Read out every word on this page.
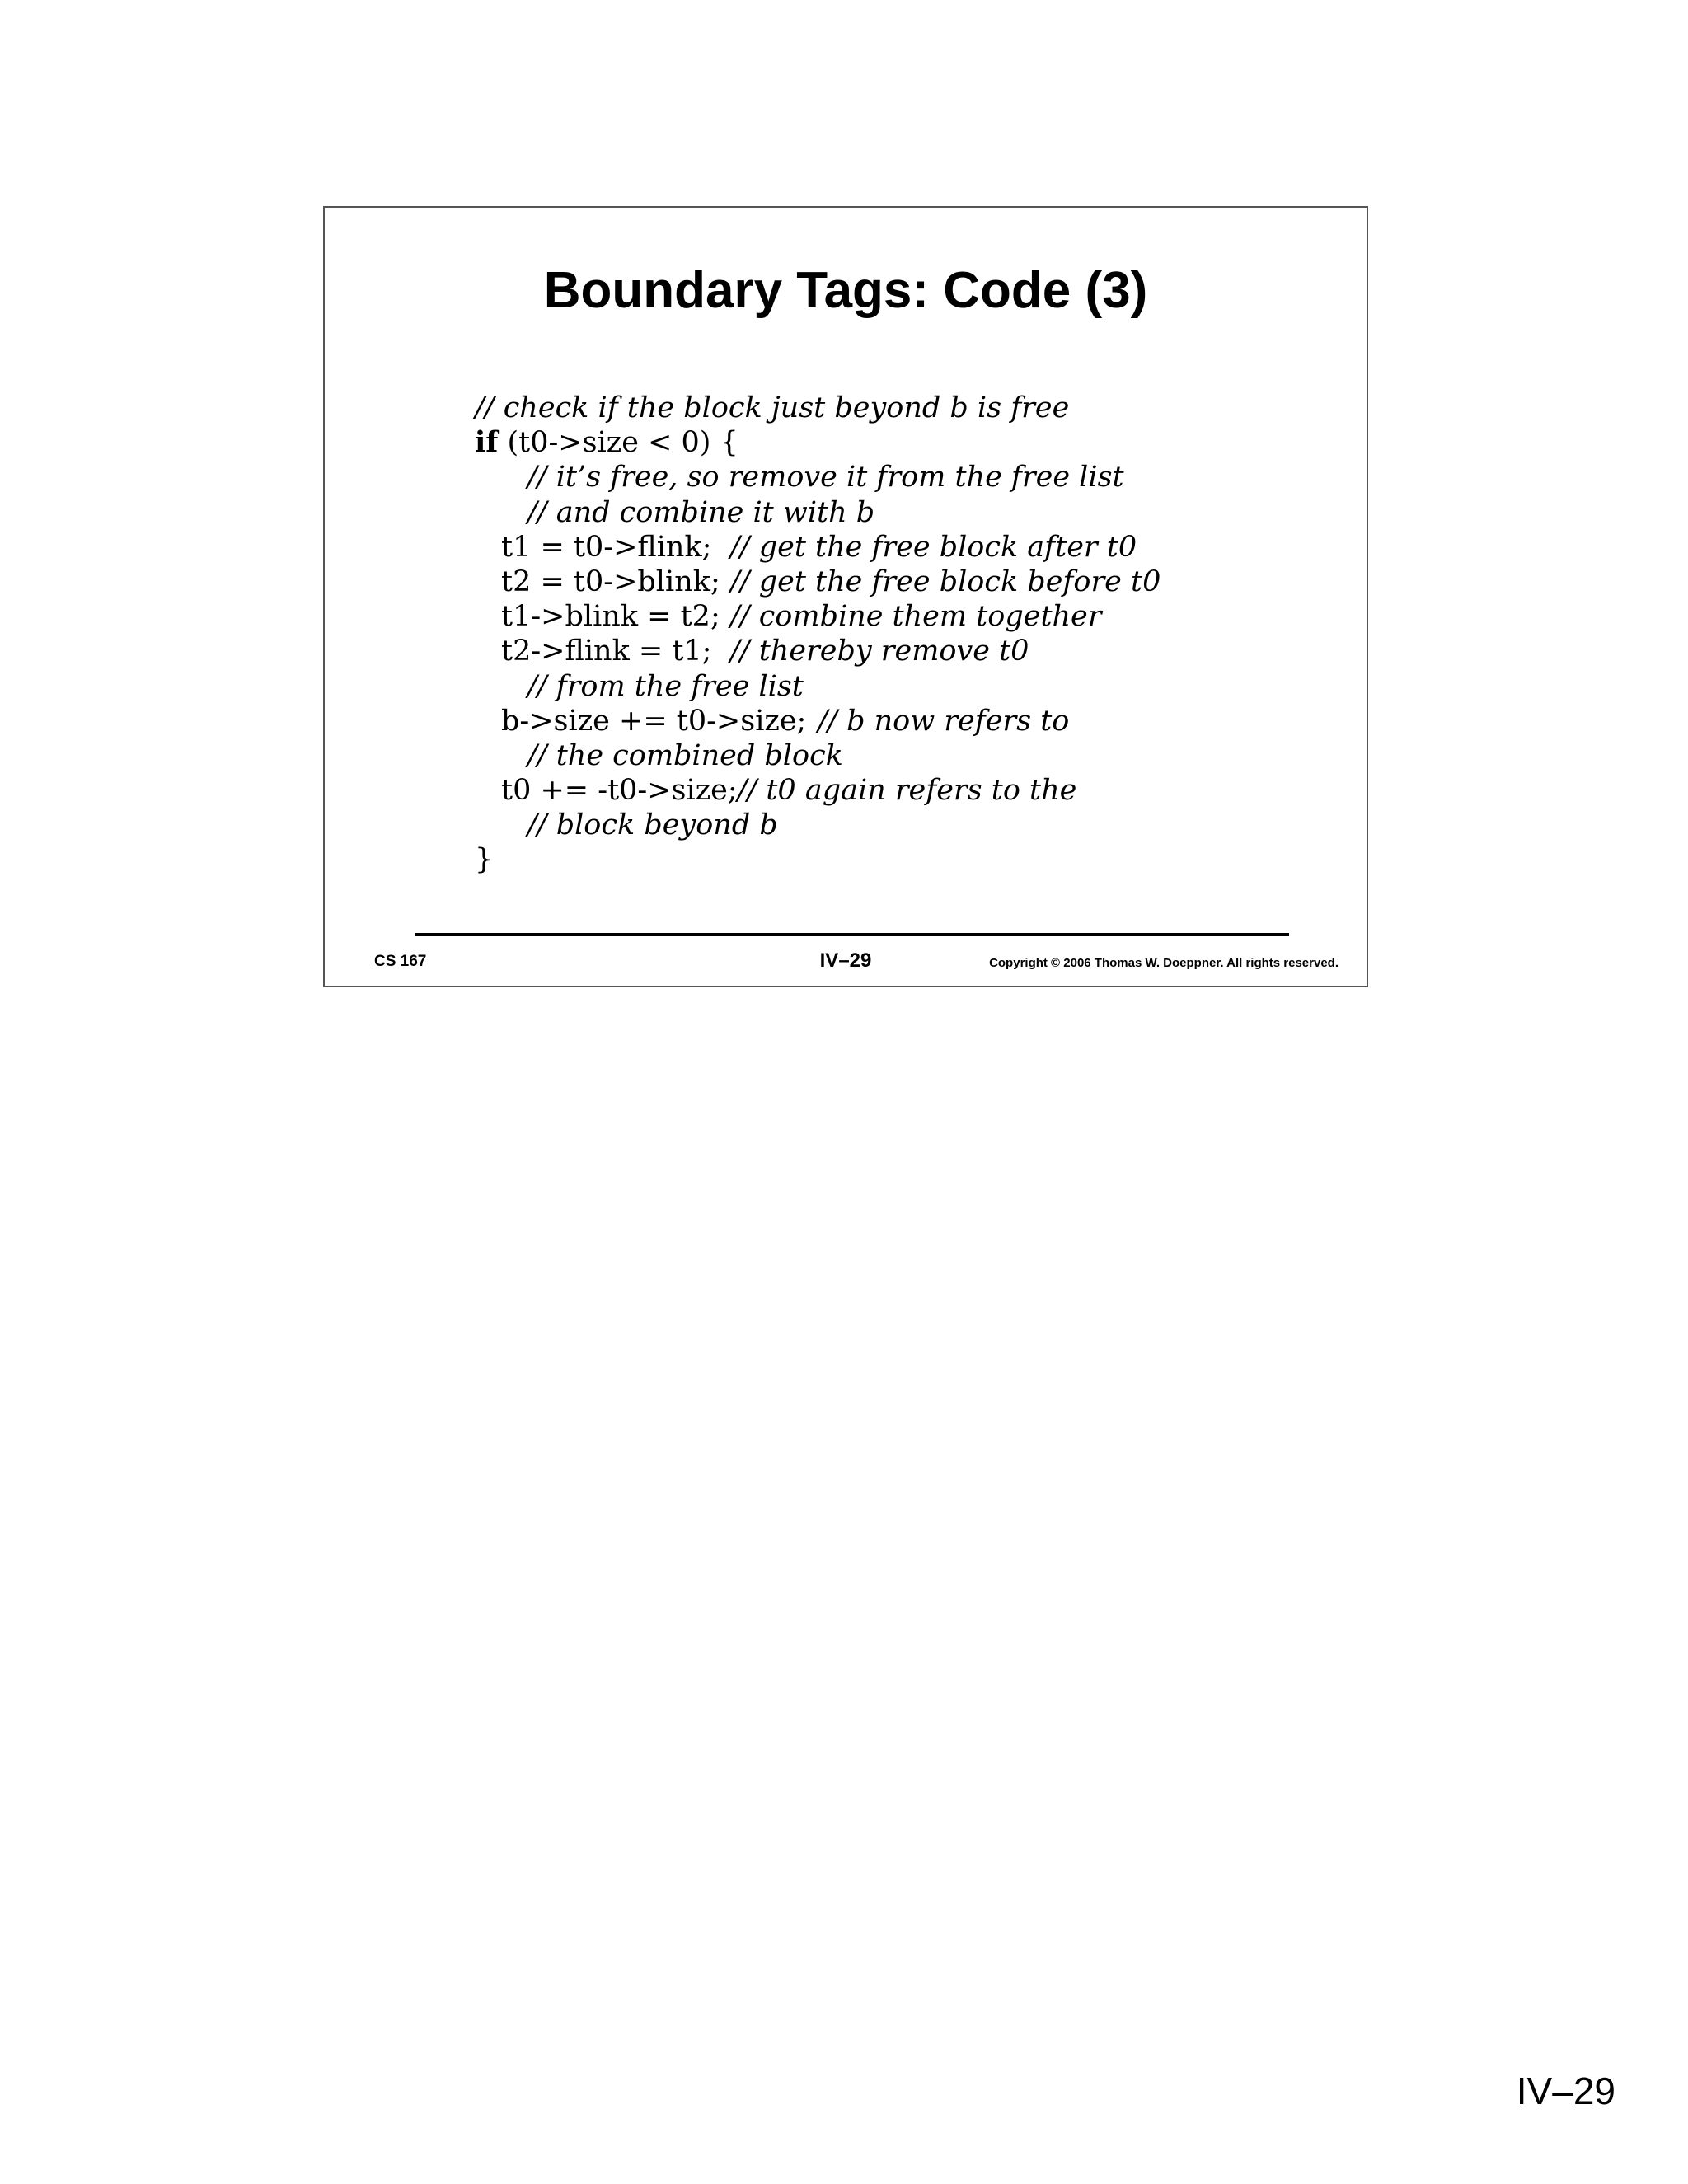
Boundary Tags: Code (3)
// check if the block just beyond b is free
if (t0->size < 0) {
// it’s free, so remove it from the free list
// and combine it with b
t1 = t0->flink; // get the free block after t0
t2 = t0->blink; // get the free block before t0
t1->blink = t2; // combine them together
t2->flink = t1; // thereby remove t0
// from the free list
b->size += t0->size; // b now refers to
// the combined block
t0 += -t0->size;// t0 again refers to the
// block beyond b
}
CS 167	IV–29	Copyright © 2006 Thomas W. Doeppner. All rights reserved.
IV–29
